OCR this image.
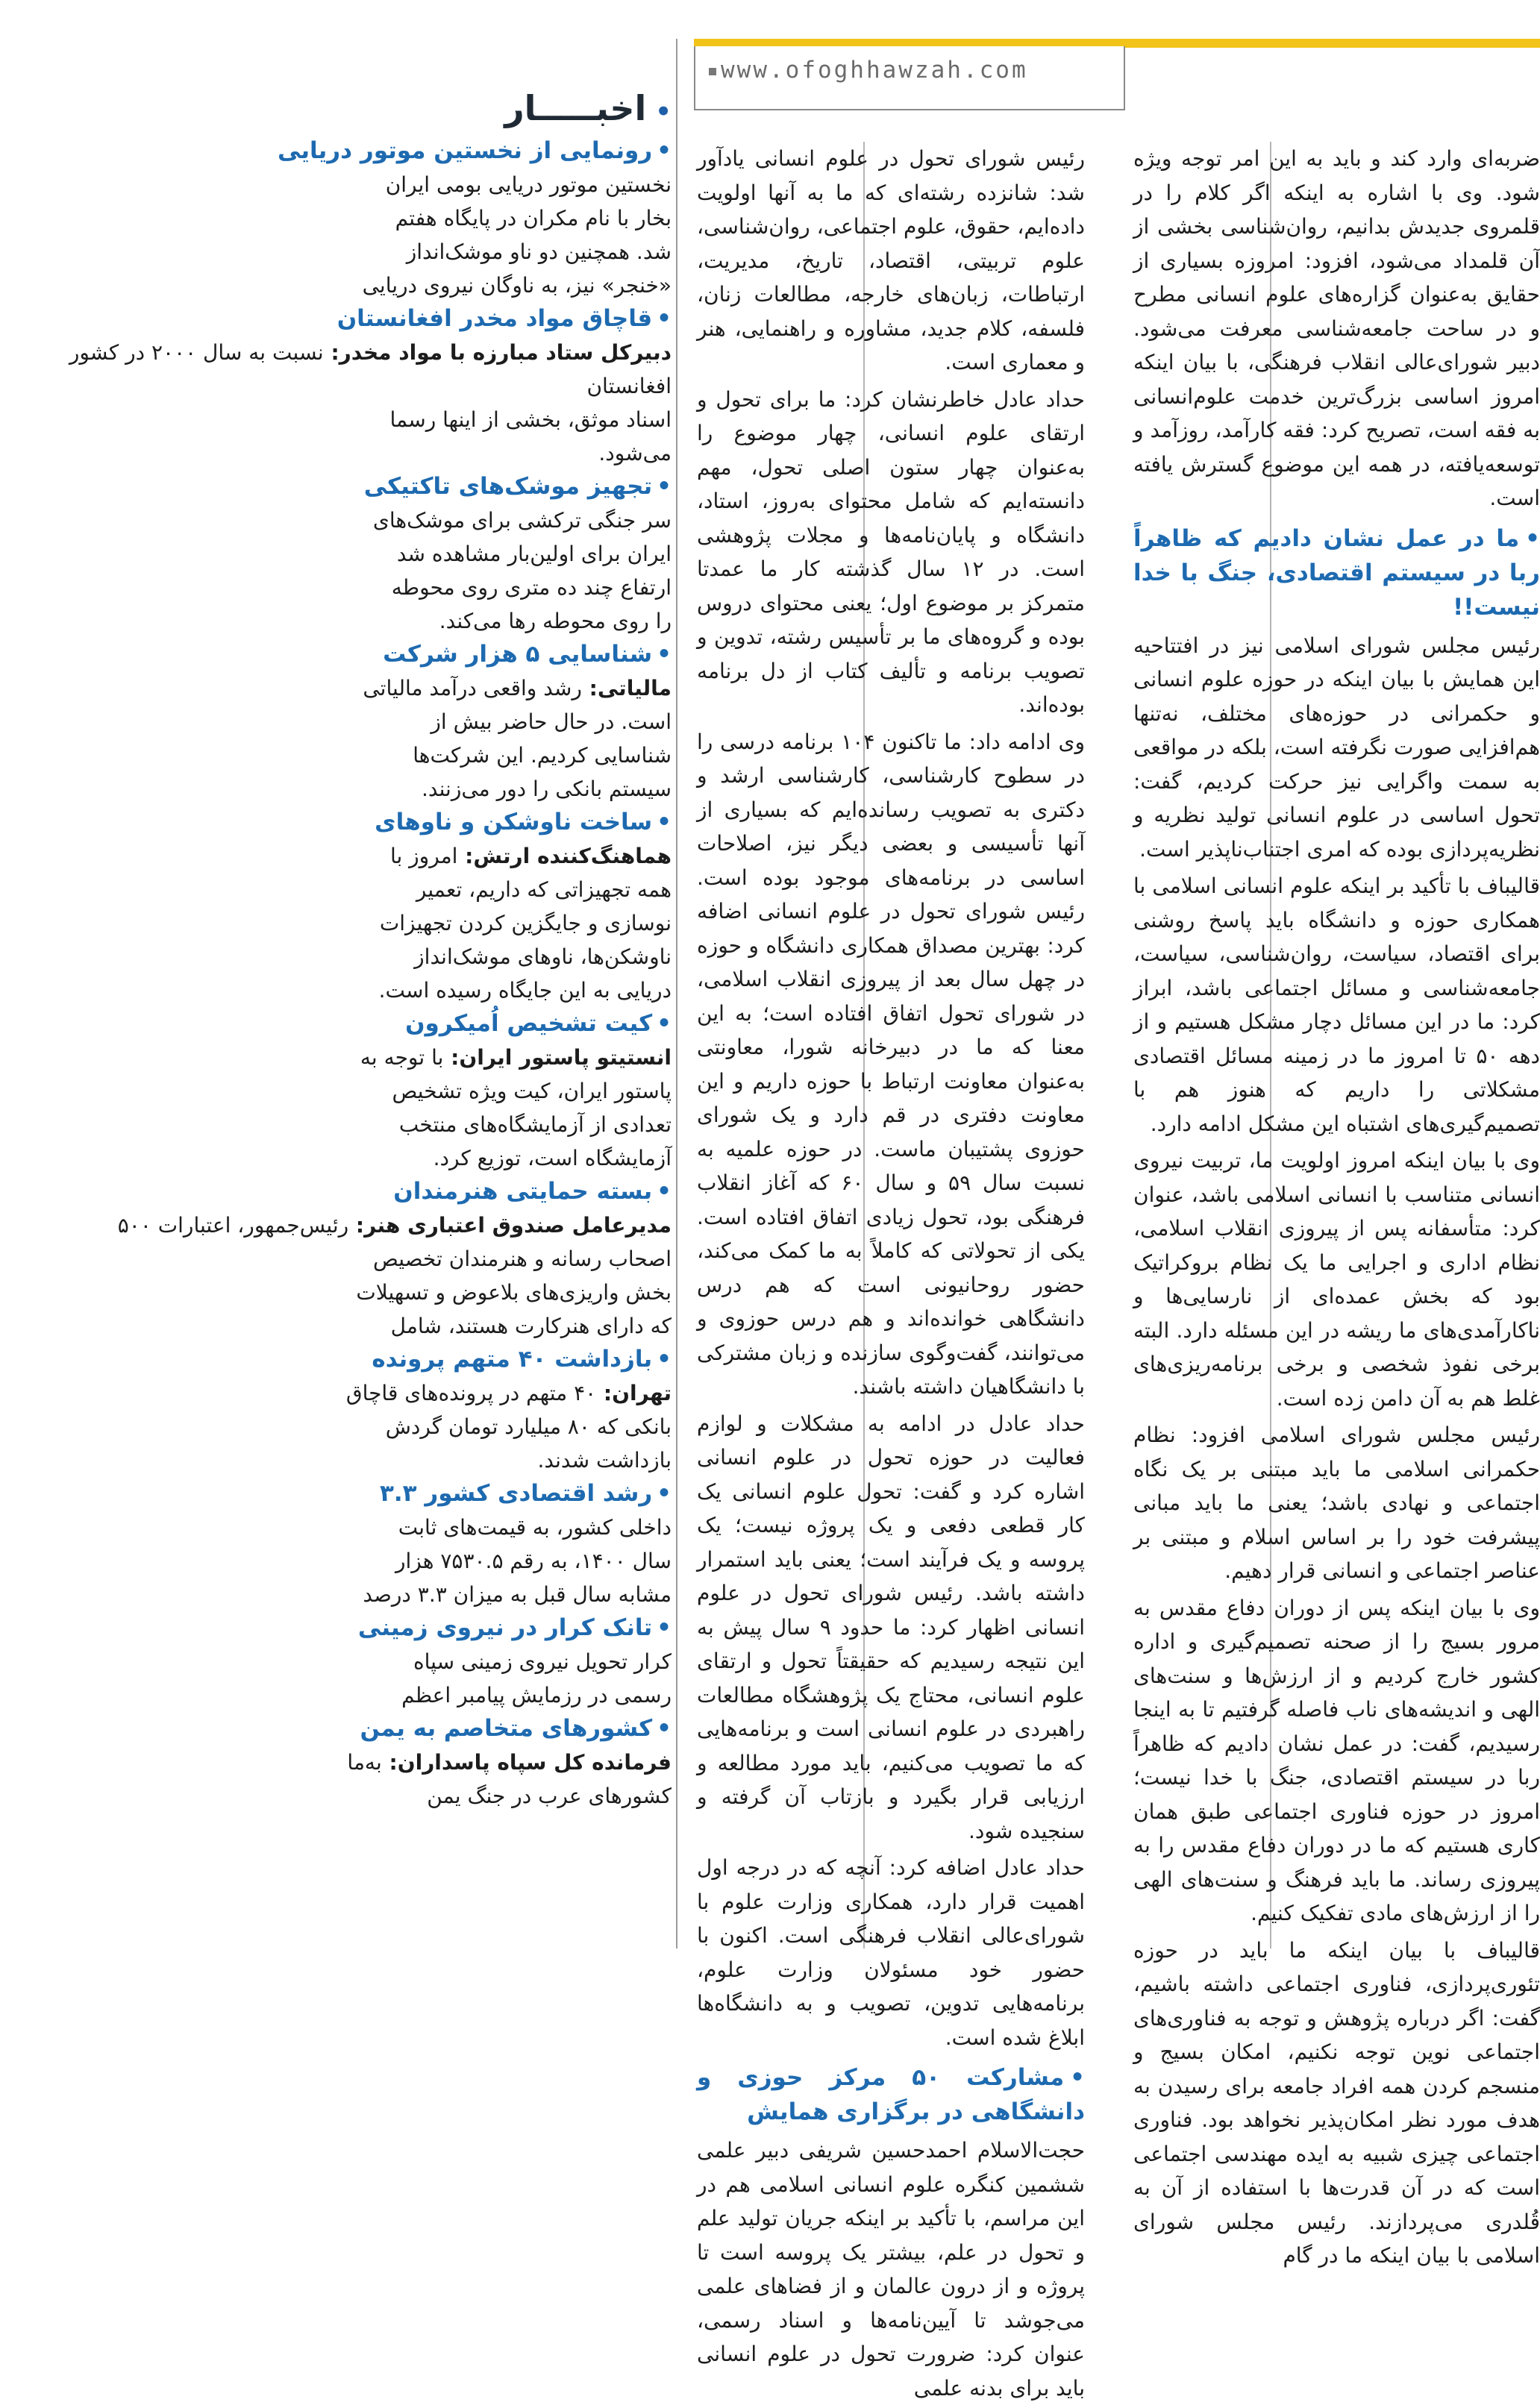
www.ofoghhawzah.com
•اخبـــــار
•رونمایی از نخستین موتور دریایی

نخستین موتور دریایی بومی ایران

بخار با نام مکران در پایگاه هفتم

شد. همچنین دو ناو موشک‌انداز

«خنجر» نیز، به ناوگان نیروی دریایی

•قاچاق مواد مخدر افغانستان

دبیرکل ستاد مبارزه با مواد مخدر: نسبت به سال ۲۰۰۰ در کشور افغانستان

اسناد موثق، بخشی از اینها رسما

می‌شود.

•تجهیز موشک‌های تاکتیکی

سر جنگی ترکشی برای موشک‌های

ایران برای اولین‌بار مشاهده شد

ارتفاع چند ده متری روی محوطه

را روی محوطه رها می‌کند.

•شناسایی ۵ هزار شرکت

مالیاتی: رشد واقعی درآمد مالیاتی

است. در حال حاضر بیش از

شناسایی کردیم. این شرکت‌ها

سیستم بانکی را دور می‌زنند.

•ساخت ناوشکن و ناوهای

هماهنگ‌کننده ارتش: امروز با

همه تجهیزاتی که داریم، تعمیر

نوسازی و جایگزین کردن تجهیزات

ناوشکن‌ها، ناوهای موشک‌انداز

دریایی به این جایگاه رسیده است.

•کیت تشخیص اُمیکرون

انستیتو پاستور ایران: با توجه به

پاستور ایران، کیت ویژه تشخیص

تعدادی از آزمایشگاه‌های منتخب

آزمایشگاه است، توزیع کرد.

•بسته حمایتی هنرمندان

مدیرعامل صندوق اعتباری هنر: رئیس‌جمهور، اعتبارات ۵۰۰

اصحاب رسانه و هنرمندان تخصیص

بخش واریزی‌های بلاعوض و تسهیلات

که دارای هنرکارت هستند، شامل

•بازداشت ۴۰ متهم پرونده

تهران: ۴۰ متهم در پرونده‌های قاچاق

بانکی که ۸۰ میلیارد تومان گردش

بازداشت شدند.

•رشد اقتصادی کشور ۳.۳

داخلی کشور، به قیمت‌های ثابت

سال ۱۴۰۰، به رقم ۷۵۳۰.۵ هزار

مشابه سال قبل به میزان ۳.۳ درصد

•تانک کرار در نیروی زمینی

کرار تحویل نیروی زمینی سپاه

رسمی در رزمایش پیامبر اعظم

•کشورهای متخاصم به یمن

فرمانده کل سپاه پاسداران: به‌ما

کشورهای عرب در جنگ یمن

رئیس شورای تحول در علوم انسانی یادآور شد: شانزده رشته‌ای که ما به آنها اولویت داده‌ایم، حقوق، علوم اجتماعی، روان‌شناسی، علوم تربیتی، اقتصاد، تاریخ، مدیریت، ارتباطات، زبان‌های خارجه، مطالعات زنان، فلسفه، کلام جدید، مشاوره و راهنمایی، هنر و معماری است.

حداد عادل خاطرنشان کرد: ما برای تحول و ارتقای علوم انسانی، چهار موضوع را به‌عنوان چهار ستون اصلی تحول، مهم دانسته‌ایم که شامل محتوای به‌روز، استاد، دانشگاه و پایان‌نامه‌ها و مجلات پژوهشی است. در ۱۲ سال گذشته کار ما عمدتا متمرکز بر موضوع اول؛ یعنی محتوای دروس بوده و گروه‌های ما بر تأسیس رشته، تدوین و تصویب برنامه و تألیف کتاب از دل برنامه بوده‌اند.

وی ادامه داد: ما تاکنون ۱۰۴ برنامه درسی را در سطوح کارشناسی، کارشناسی ارشد و دکتری به تصویب رسانده‌ایم که بسیاری از آنها تأسیسی و بعضی دیگر نیز، اصلاحات اساسی در برنامه‌های موجود بوده است. رئیس شورای تحول در علوم انسانی اضافه کرد: بهترین مصداق همکاری دانشگاه و حوزه در چهل سال بعد از پیروزی انقلاب اسلامی، در شورای تحول اتفاق افتاده است؛ به این معنا که ما در دبیرخانه شورا، معاونتی به‌عنوان معاونت ارتباط با حوزه داریم و این معاونت دفتری در قم دارد و یک شورای حوزوی پشتیبان ماست. در حوزه علمیه به نسبت سال ۵۹ و سال ۶۰ که آغاز انقلاب فرهنگی بود، تحول زیادی اتفاق افتاده است. یکی از تحولاتی که کاملاً به ما کمک می‌کند، حضور روحانیونی است که هم درس دانشگاهی خوانده‌اند و هم درس حوزوی و می‌توانند، گفت‌وگوی سازنده و زبان مشترکی با دانشگاهیان داشته باشند.

حداد عادل در ادامه به مشکلات و لوازم فعالیت در حوزه تحول در علوم انسانی اشاره کرد و گفت: تحول علوم انسانی یک کار قطعی دفعی و یک پروژه نیست؛ یک پروسه و یک فرآیند است؛ یعنی باید استمرار داشته باشد. رئیس شورای تحول در علوم انسانی اظهار کرد: ما حدود ۹ سال پیش به این نتیجه رسیدیم که حقیقتاً تحول و ارتقای علوم انسانی، محتاج یک پژوهشگاه مطالعات راهبردی در علوم انسانی است و برنامه‌هایی که ما تصویب می‌کنیم، باید مورد مطالعه و ارزیابی قرار بگیرد و بازتاب آن گرفته و سنجیده شود.

حداد عادل اضافه کرد: آنچه که در درجه اول اهمیت قرار دارد، همکاری وزارت علوم با شورای‌عالی انقلاب فرهنگی است. اکنون با حضور خود مسئولان وزارت علوم، برنامه‌هایی تدوین، تصویب و به دانشگاه‌ها ابلاغ شده است.

•مشارکت ۵۰ مرکز حوزی و دانشگاهی در برگزاری همایش

حجت‌الاسلام احمدحسین شریفی دبیر علمی ششمین کنگره علوم انسانی اسلامی هم در این مراسم، با تأکید بر اینکه جریان تولید علم و تحول در علم، بیشتر یک پروسه است تا پروژه و از درون عالمان و از فضاهای علمی می‌جوشد تا آیین‌نامه‌ها و اسناد رسمی، عنوان کرد: ضرورت تحول در علوم انسانی باید برای بدنه علمی

ضربه‌ای وارد کند و باید به این امر توجه ویژه شود. وی با اشاره به اینکه اگر کلام را در قلمروی جدیدش بدانیم، روان‌شناسی بخشی از آن قلمداد می‌شود، افزود: امروزه بسیاری از حقایق به‌عنوان گزاره‌های علوم انسانی مطرح و در ساحت جامعه‌شناسی معرفت می‌شود. دبیر شورای‌عالی انقلاب فرهنگی، با بیان اینکه امروز اساسی بزرگ‌ترین خدمت علوم‌انسانی به فقه است، تصریح کرد: فقه کارآمد، روزآمد و توسعه‌یافته، در همه این موضوع گسترش یافته است.

•ما در عمل نشان دادیم که ظاهراً ربا در سیستم اقتصادی، جنگ با خدا نیست!!

رئیس مجلس شورای اسلامی نیز در افتتاحیه این همایش با بیان اینکه در حوزه علوم انسانی و حکمرانی در حوزه‌های مختلف، نه‌تنها هم‌افزایی صورت نگرفته است، بلکه در مواقعی به سمت واگرایی نیز حرکت کردیم، گفت: تحول اساسی در علوم انسانی تولید نظریه و نظریه‌پردازی بوده که امری اجتناب‌ناپذیر است.

قالیباف با تأکید بر اینکه علوم انسانی اسلامی با همکاری حوزه و دانشگاه باید پاسخ روشنی برای اقتصاد، سیاست، روان‌شناسی، سیاست، جامعه‌شناسی و مسائل اجتماعی باشد، ابراز کرد: ما در این مسائل دچار مشکل هستیم و از دهه ۵۰ تا امروز ما در زمینه مسائل اقتصادی مشکلاتی را داریم که هنوز هم با تصمیم‌گیری‌های اشتباه این مشکل ادامه دارد.

وی با بیان اینکه امروز اولویت ما، تربیت نیروی انسانی متناسب با انسانی اسلامی باشد، عنوان کرد: متأسفانه پس از پیروزی انقلاب اسلامی، نظام اداری و اجرایی ما یک نظام بروکراتیک بود که بخش عمده‌ای از نارسایی‌ها و ناکارآمدی‌های ما ریشه در این مسئله دارد. البته برخی نفوذ شخصی و برخی برنامه‌ریزی‌های غلط هم به آن دامن زده است.

رئیس مجلس شورای اسلامی افزود: نظام حکمرانی اسلامی ما باید مبتنی بر یک نگاه اجتماعی و نهادی باشد؛ یعنی ما باید مبانی پیشرفت خود را بر اساس اسلام و مبتنی بر عناصر اجتماعی و انسانی قرار دهیم.

وی با بیان اینکه پس از دوران دفاع مقدس به مرور بسیج را از صحنه تصمیم‌گیری و اداره کشور خارج کردیم و از ارزش‌ها و سنت‌های الهی و اندیشه‌های ناب فاصله گرفتیم تا به اینجا رسیدیم، گفت: در عمل نشان دادیم که ظاهراً ربا در سیستم اقتصادی، جنگ با خدا نیست؛ امروز در حوزه فناوری اجتماعی طبق همان کاری هستیم که ما در دوران دفاع مقدس را به پیروزی رساند. ما باید فرهنگ و سنت‌های الهی را از ارزش‌های مادی تفکیک کنیم.

قالیباف با بیان اینکه ما باید در حوزه تئوری‌پردازی، فناوری اجتماعی داشته باشیم، گفت: اگر درباره پژوهش و توجه به فناوری‌های اجتماعی نوین توجه نکنیم، امکان بسیج و منسجم کردن همه افراد جامعه برای رسیدن به هدف مورد نظر امکان‌پذیر نخواهد بود. فناوری اجتماعی چیزی شبیه به ایده مهندسی اجتماعی است که در آن قدرت‌ها با استفاده از آن به قُلدری می‌پردازند. رئیس مجلس شورای اسلامی با بیان اینکه ما در گام
